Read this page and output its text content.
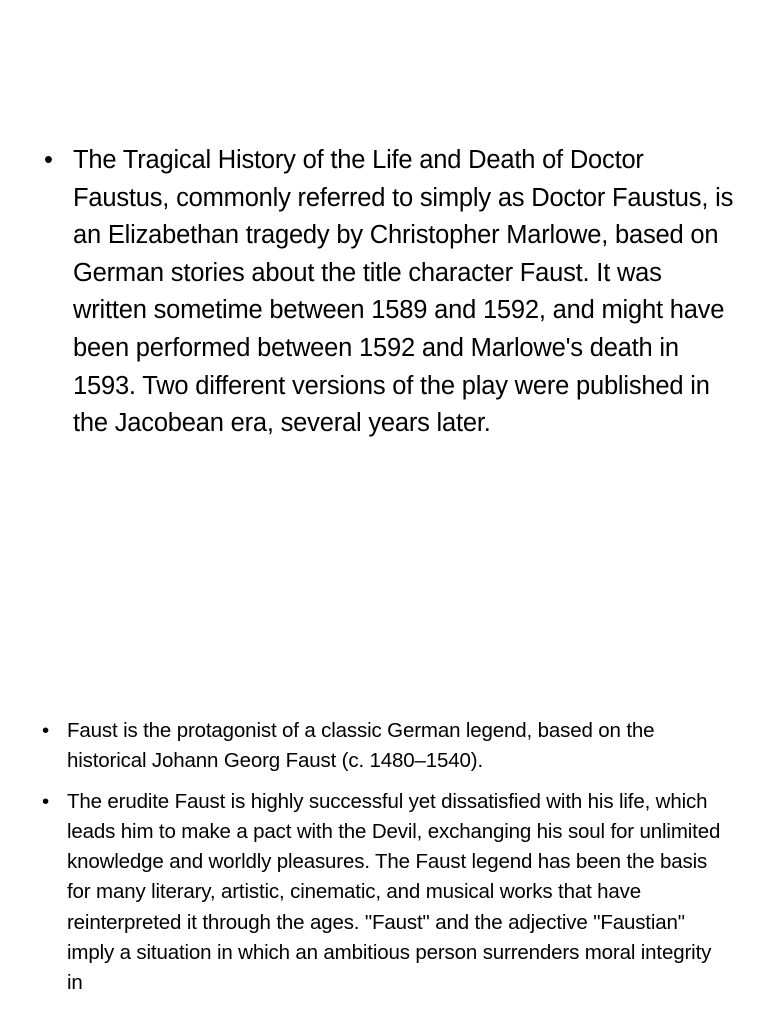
• The Tragical History of the Life and Death of Doctor Faustus, commonly referred to simply as Doctor Faustus, is an Elizabethan tragedy by Christopher Marlowe, based on German stories about the title character Faust. It was written sometime between 1589 and 1592, and might have been performed between 1592 and Marlowe's death in 1593. Two different versions of the play were published in the Jacobean era, several years later.
• Faust is the protagonist of a classic German legend, based on the historical Johann Georg Faust (c. 1480–1540).
• The erudite Faust is highly successful yet dissatisfied with his life, which leads him to make a pact with the Devil, exchanging his soul for unlimited knowledge and worldly pleasures. The Faust legend has been the basis for many literary, artistic, cinematic, and musical works that have reinterpreted it through the ages. "Faust" and the adjective "Faustian" imply a situation in which an ambitious person surrenders moral integrity in
